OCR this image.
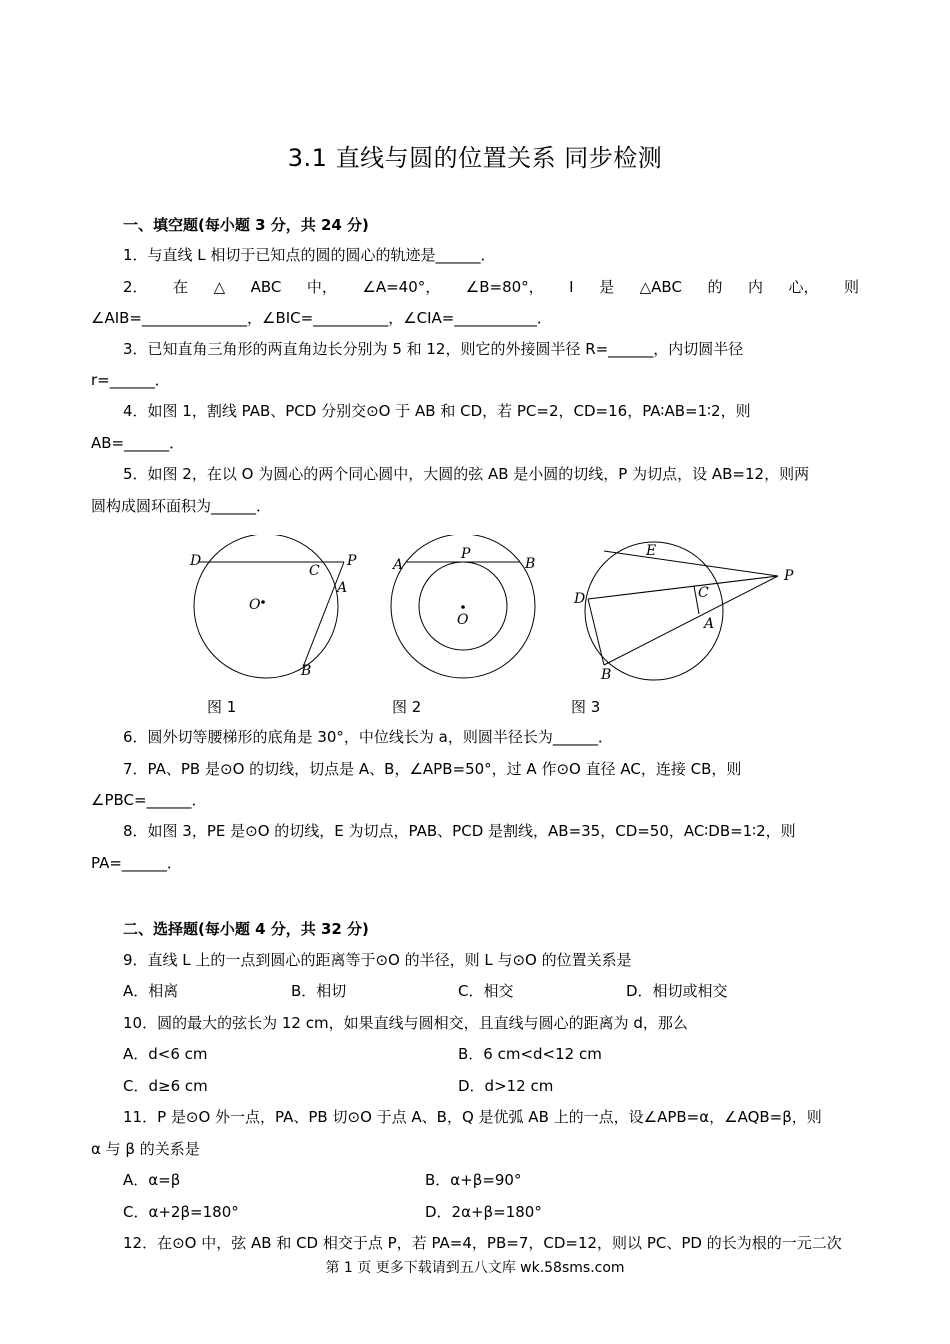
3.1 直线与圆的位置关系 同步检测
一、填空题(每小题 3 分，共 24 分)
1．与直线 L 相切于已知点的圆的圆心的轨迹是______．
2． 在 △ ABC 中， ∠A=40°， ∠B=80°， I 是 △ABC 的 内 心， 则
∠AIB=______________，∠BIC=__________，∠CIA=___________．
3．已知直角三角形的两直角边长分别为 5 和 12，则它的外接圆半径 R=______，内切圆半径
r=______．
4．如图 1，割线 PAB、PCD 分别交⊙O 于 AB 和 CD，若 PC=2，CD=16，PA∶AB=1∶2，则
AB=______．
5．如图 2，在以 O 为圆心的两个同心圆中，大圆的弦 AB 是小圆的切线，P 为切点，设 AB=12，则两
圆构成圆环面积为______．
D	P
C
A
O
B
A
P
B
O
E
P
D	C
A
B
图 1	图 2	图 3
6．圆外切等腰梯形的底角是 30°，中位线长为 a，则圆半径长为______．
7．PA、PB 是⊙O 的切线，切点是 A、B，∠APB=50°，过 A 作⊙O 直径 AC，连接 CB，则
∠PBC=______．
8．如图 3，PE 是⊙O 的切线，E 为切点，PAB、PCD 是割线，AB=35，CD=50，AC∶DB=1∶2，则
PA=______．
二、选择题(每小题 4 分，共 32 分)
9．直线 L 上的一点到圆心的距离等于⊙O 的半径，则 L 与⊙O 的位置关系是
A．相离	B．相切	C．相交	D．相切或相交
10．圆的最大的弦长为 12 cm，如果直线与圆相交，且直线与圆心的距离为 d，那么
A．d<6 cm	B．6 cm<d<12 cm
C．d≥6 cm	D．d>12 cm
11．P 是⊙O 外一点，PA、PB 切⊙O 于点 A、B，Q 是优弧 AB 上的一点，设∠APB=α，∠AQB=β，则
α 与 β 的关系是
A．α=β	B．α+β=90°
C．α+2β=180°	D．2α+β=180°
12．在⊙O 中，弦 AB 和 CD 相交于点 P，若 PA=4，PB=7，CD=12，则以 PC、PD 的长为根的一元二次
第 1 页 更多下载请到五八文库 wk.58sms.com
